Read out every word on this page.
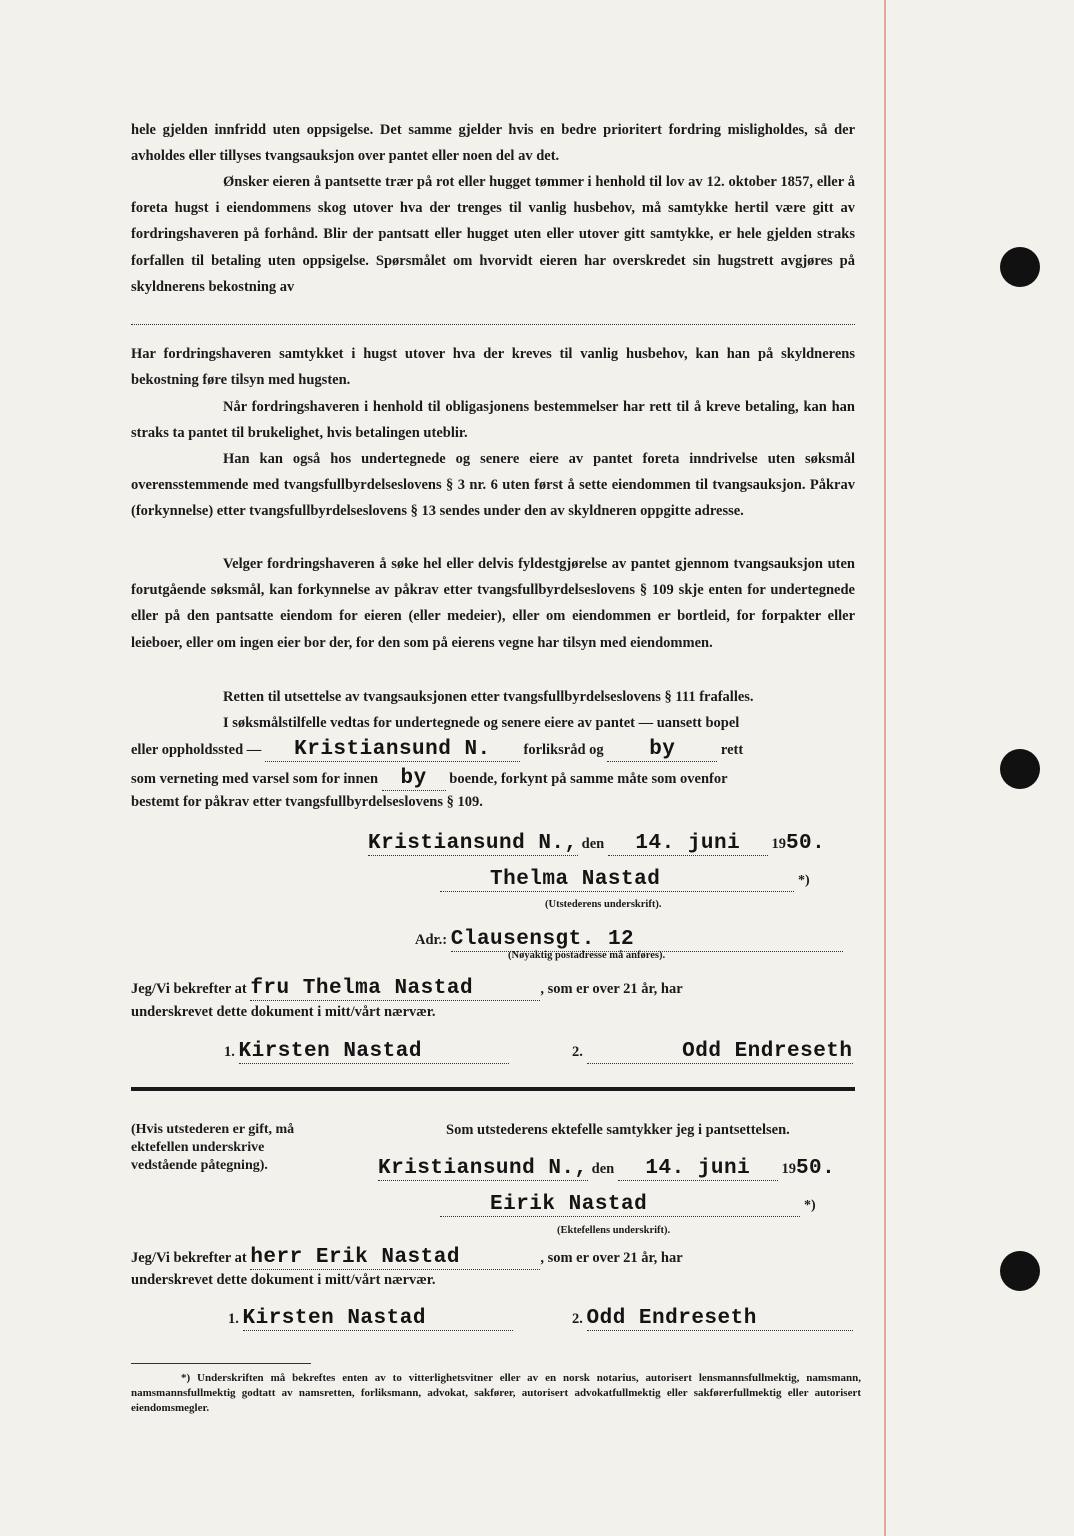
hele gjelden innfridd uten oppsigelse. Det samme gjelder hvis en bedre prioritert fordring misligholdes, så der avholdes eller tillyses tvangsauksjon over pantet eller noen del av det.
Ønsker eieren å pantsette trær på rot eller hugget tømmer i henhold til lov av 12. oktober 1857, eller å foreta hugst i eiendommens skog utover hva der trenges til vanlig husbehov, må samtykke hertil være gitt av fordringshaveren på forhånd. Blir der pantsatt eller hugget uten eller utover gitt samtykke, er hele gjelden straks forfallen til betaling uten oppsigelse. Spørsmålet om hvorvidt eieren har overskredet sin hugstrett avgjøres på skyldnerens bekostning av
Har fordringshaveren samtykket i hugst utover hva der kreves til vanlig husbehov, kan han på skyldnerens bekostning føre tilsyn med hugsten.
Når fordringshaveren i henhold til obligasjonens bestemmelser har rett til å kreve betaling, kan han straks ta pantet til brukelighet, hvis betalingen uteblir.
Han kan også hos undertegnede og senere eiere av pantet foreta inndrivelse uten søksmål overensstemmende med tvangsfullbyrdelseslovens § 3 nr. 6 uten først å sette eiendommen til tvangsauksjon. Påkrav (forkynnelse) etter tvangsfullbyrdelseslovens § 13 sendes under den av skyldneren oppgitte adresse.
Velger fordringshaveren å søke hel eller delvis fyldestgjørelse av pantet gjennom tvangsauksjon uten forutgående søksmål, kan forkynnelse av påkrav etter tvangsfullbyrdelseslovens § 109 skje enten for undertegnede eller på den pantsatte eiendom for eieren (eller medeier), eller om eiendommen er bortleid, for forpakter eller leieboer, eller om ingen eier bor der, for den som på eierens vegne har tilsyn med eiendommen.
Retten til utsettelse av tvangsauksjonen etter tvangsfullbyrdelseslovens § 111 frafalles.
I søksmålstilfelle vedtas for undertegnede og senere eiere av pantet — uansett bopel
eller oppholdssted — Kristiansund N. forliksråd og by	rett
som verneting med varsel som for innen by boende, forkynt på samme måte som ovenfor
bestemt for påkrav etter tvangsfullbyrdelseslovens § 109.
Kristiansund N., den 14. juni 1950.
Thelma Nastad	*)
(Utstederens underskrift).
Adr.: Clausensgt. 12
(Nøyaktig postadresse må anføres).
Jeg/Vi bekrefter at fru Thelma Nastad	, som er over 21 år, har
underskrevet dette dokument i mitt/vårt nærvær.
1. Kirsten Nastad	2.	Odd Endreseth
(Hvis utstederen er gift, må ektefellen underskrive vedstående påtegning).
Som utstederens ektefelle samtykker jeg i pantsettelsen.
Kristiansund N., den 14. juni 1950.
Eirik Nastad	*)
(Ektefellens underskrift).
Jeg/Vi bekrefter at herr Erik Nastad	, som er over 21 år, har
underskrevet dette dokument i mitt/vårt nærvær.
1. Kirsten Nastad	2. Odd Endreseth
*) Underskriften må bekreftes enten av to vitterlighetsvitner eller av en norsk notarius, autorisert lensmannsfullmektig, namsmann, namsmannsfullmektig godtatt av namsretten, forliksmann, advokat, sakfører, autorisert advokatfullmektig eller sakførerfullmektig eller autorisert eiendomsmegler.
